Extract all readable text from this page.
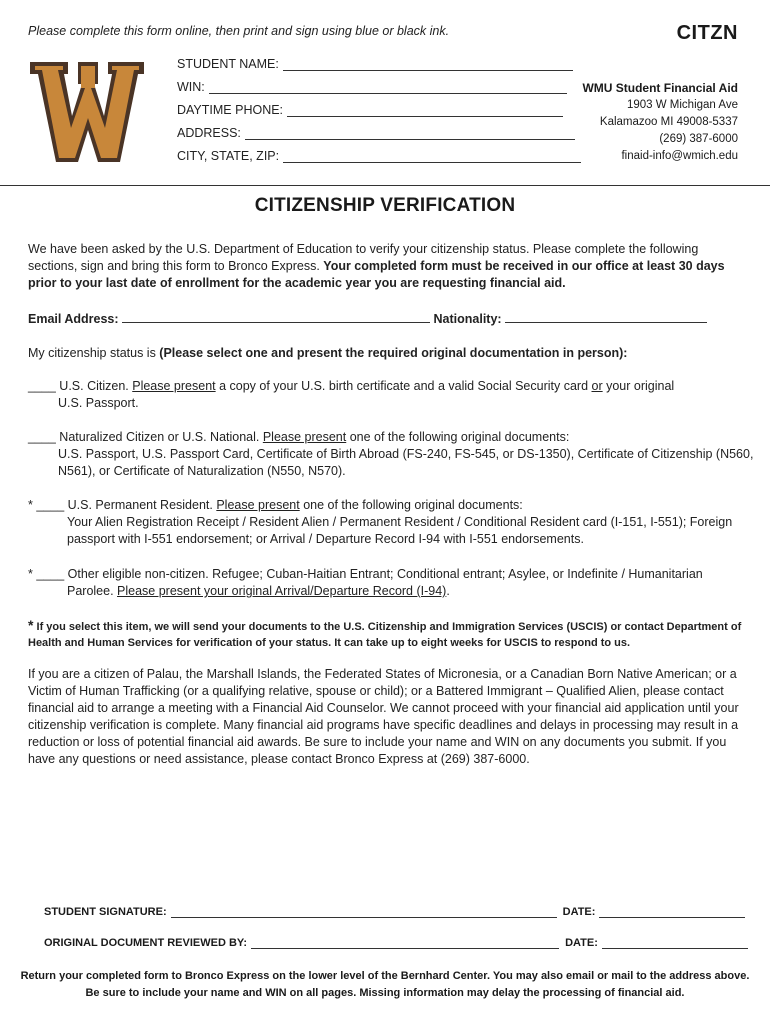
Please complete this form online, then print and sign using blue or black ink.	CITZN
STUDENT NAME:
WIN:
DAYTIME PHONE:
ADDRESS:
CITY, STATE, ZIP:
WMU Student Financial Aid
1903 W Michigan Ave
Kalamazoo MI 49008-5337
(269) 387-6000
finaid-info@wmich.edu
CITIZENSHIP VERIFICATION
We have been asked by the U.S. Department of Education to verify your citizenship status. Please complete the following sections, sign and bring this form to Bronco Express. Your completed form must be received in our office at least 30 days prior to your last date of enrollment for the academic year you are requesting financial aid.
Email Address:	Nationality:
My citizenship status is (Please select one and present the required original documentation in person):
____ U.S. Citizen. Please present a copy of your U.S. birth certificate and a valid Social Security card or your original
U.S. Passport.
____ Naturalized Citizen or U.S. National. Please present one of the following original documents:
U.S. Passport, U.S. Passport Card, Certificate of Birth Abroad (FS-240, FS-545, or DS-1350), Certificate of Citizenship (N560,
N561), or Certificate of Naturalization (N550, N570).
* ____ U.S. Permanent Resident. Please present one of the following original documents:
Your Alien Registration Receipt / Resident Alien / Permanent Resident / Conditional Resident card (I-151, I-551); Foreign
passport with I-551 endorsement; or Arrival / Departure Record I-94 with I-551 endorsements.
* ____ Other eligible non-citizen. Refugee; Cuban-Haitian Entrant; Conditional entrant; Asylee, or Indefinite / Humanitarian
Parolee. Please present your original Arrival/Departure Record (I-94).
* If you select this item, we will send your documents to the U.S. Citizenship and Immigration Services (USCIS) or contact Department of
Health and Human Services for verification of your status. It can take up to eight weeks for USCIS to respond to us.
If you are a citizen of Palau, the Marshall Islands, the Federated States of Micronesia, or a Canadian Born Native American; or a Victim of Human Trafficking (or a qualifying relative, spouse or child); or a Battered Immigrant – Qualified Alien, please contact financial aid to arrange a meeting with a Financial Aid Counselor. We cannot proceed with your financial aid application until your citizenship verification is complete. Many financial aid programs have specific deadlines and delays in processing may result in a reduction or loss of potential financial aid awards. Be sure to include your name and WIN on any documents you submit. If you have any questions or need assistance, please contact Bronco Express at (269) 387-6000.
STUDENT SIGNATURE:	DATE:
ORIGINAL DOCUMENT REVIEWED BY:	DATE:
Return your completed form to Bronco Express on the lower level of the Bernhard Center. You may also email or mail to the address above.
Be sure to include your name and WIN on all pages. Missing information may delay the processing of financial aid.
